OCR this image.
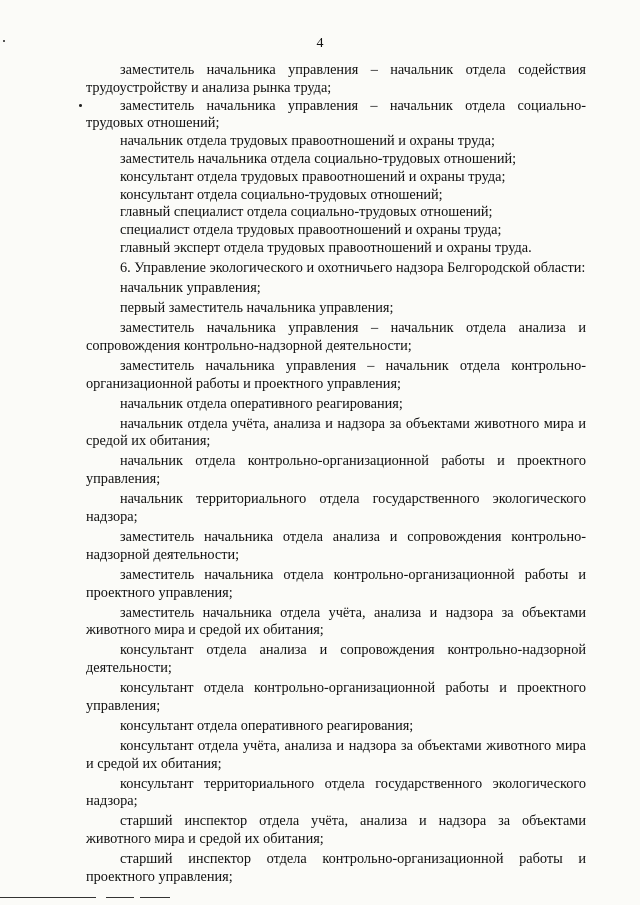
4

заместитель начальника управления – начальник отдела содействия трудоустройству и анализа рынка труда;

заместитель начальника управления – начальник отдела социально-трудовых отношений;

начальник отдела трудовых правоотношений и охраны труда;

заместитель начальника отдела социально-трудовых отношений;

консультант отдела трудовых правоотношений и охраны труда;

консультант отдела социально-трудовых отношений;

главный специалист отдела социально-трудовых отношений;

специалист отдела трудовых правоотношений и охраны труда;

главный эксперт отдела трудовых правоотношений и охраны труда.

6. Управление экологического и охотничьего надзора Белгородской области:

начальник управления;

первый заместитель начальника управления;

заместитель начальника управления – начальник отдела анализа и сопровождения контрольно-надзорной деятельности;

заместитель начальника управления – начальник отдела контрольно-организационной работы и проектного управления;

начальник отдела оперативного реагирования;

начальник отдела учёта, анализа и надзора за объектами животного мира и средой их обитания;

начальник отдела контрольно-организационной работы и проектного управления;

начальник территориального отдела государственного экологического надзора;

заместитель начальника отдела анализа и сопровождения контрольно-надзорной деятельности;

заместитель начальника отдела контрольно-организационной работы и проектного управления;

заместитель начальника отдела учёта, анализа и надзора за объектами животного мира и средой их обитания;

консультант отдела анализа и сопровождения контрольно-надзорной деятельности;

консультант отдела контрольно-организационной работы и проектного управления;

консультант отдела оперативного реагирования;

консультант отдела учёта, анализа и надзора за объектами животного мира и средой их обитания;

консультант территориального отдела государственного экологического надзора;

старший инспектор отдела учёта, анализа и надзора за объектами животного мира и средой их обитания;

старший инспектор отдела контрольно-организационной работы и проектного управления;
